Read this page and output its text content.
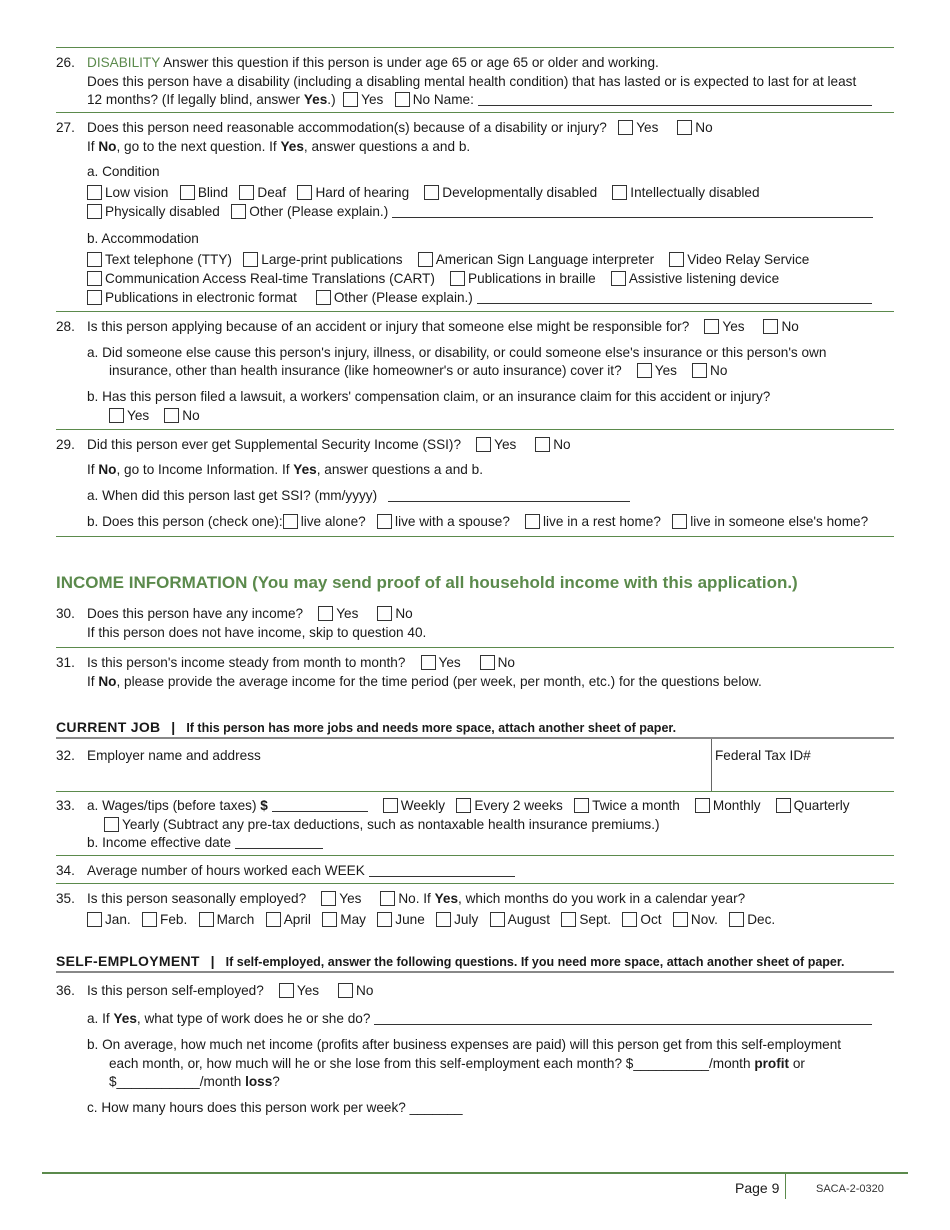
26. DISABILITY Answer this question if this person is under age 65 or age 65 or older and working.
Does this person have a disability (including a disabling mental health condition) that has lasted or is expected to last for at least
12 months? (If legally blind, answer Yes.) Yes No Name:
27. Does this person need reasonable accommodation(s) because of a disability or injury? Yes	No
If No, go to the next question. If Yes, answer questions a and b.
a. Condition
Low vision Blind Deaf Hard of hearing Developmentally disabled Intellectually disabled
Physically disabled Other (Please explain.)
b. Accommodation
Text telephone (TTY) Large-print publications American Sign Language interpreter Video Relay Service
Communication Access Real-time Translations (CART) Publications in braille Assistive listening device
Publications in electronic format	Other (Please explain.)
28. Is this person applying because of an accident or injury that someone else might be responsible for? Yes	No
a. Did someone else cause this person's injury, illness, or disability, or could someone else's insurance or this person's own
insurance, other than health insurance (like homeowner's or auto insurance) cover it? Yes No
b. Has this person filed a lawsuit, a workers' compensation claim, or an insurance claim for this accident or injury?
Yes No
29. Did this person ever get Supplemental Security Income (SSI)? Yes	No
If No, go to Income Information. If Yes, answer questions a and b.
a. When did this person last get SSI? (mm/yyyy)
b. Does this person (check one): live alone? live with a spouse? live in a rest home? live in someone else's home?
INCOME INFORMATION (You may send proof of all household income with this application.)
30. Does this person have any income? Yes	No
If this person does not have income, skip to question 40.
31. Is this person's income steady from month to month? Yes	No
If No, please provide the average income for the time period (per week, per month, etc.) for the questions below.
CURRENT JOB | If this person has more jobs and needs more space, attach another sheet of paper.
32. Employer name and address	Federal Tax ID#
33. a. Wages/tips (before taxes) $	Weekly Every 2 weeks Twice a month Monthly Quarterly
Yearly (Subtract any pre-tax deductions, such as nontaxable health insurance premiums.)
b. Income effective date
34. Average number of hours worked each WEEK
35. Is this person seasonally employed? Yes	No. If Yes, which months do you work in a calendar year?
Jan. Feb. March April May June July August Sept. Oct Nov. Dec.
SELF-EMPLOYMENT | If self-employed, answer the following questions. If you need more space, attach another sheet of paper.
36. Is this person self-employed? Yes	No
a. If Yes, what type of work does he or she do?
b. On average, how much net income (profits after business expenses are paid) will this person get from this self-employment
each month, or, how much will he or she lose from this self-employment each month? $__________/month profit or
$___________/month loss?
c. How many hours does this person work per week? _______
Page 9	SACA-2-0320
